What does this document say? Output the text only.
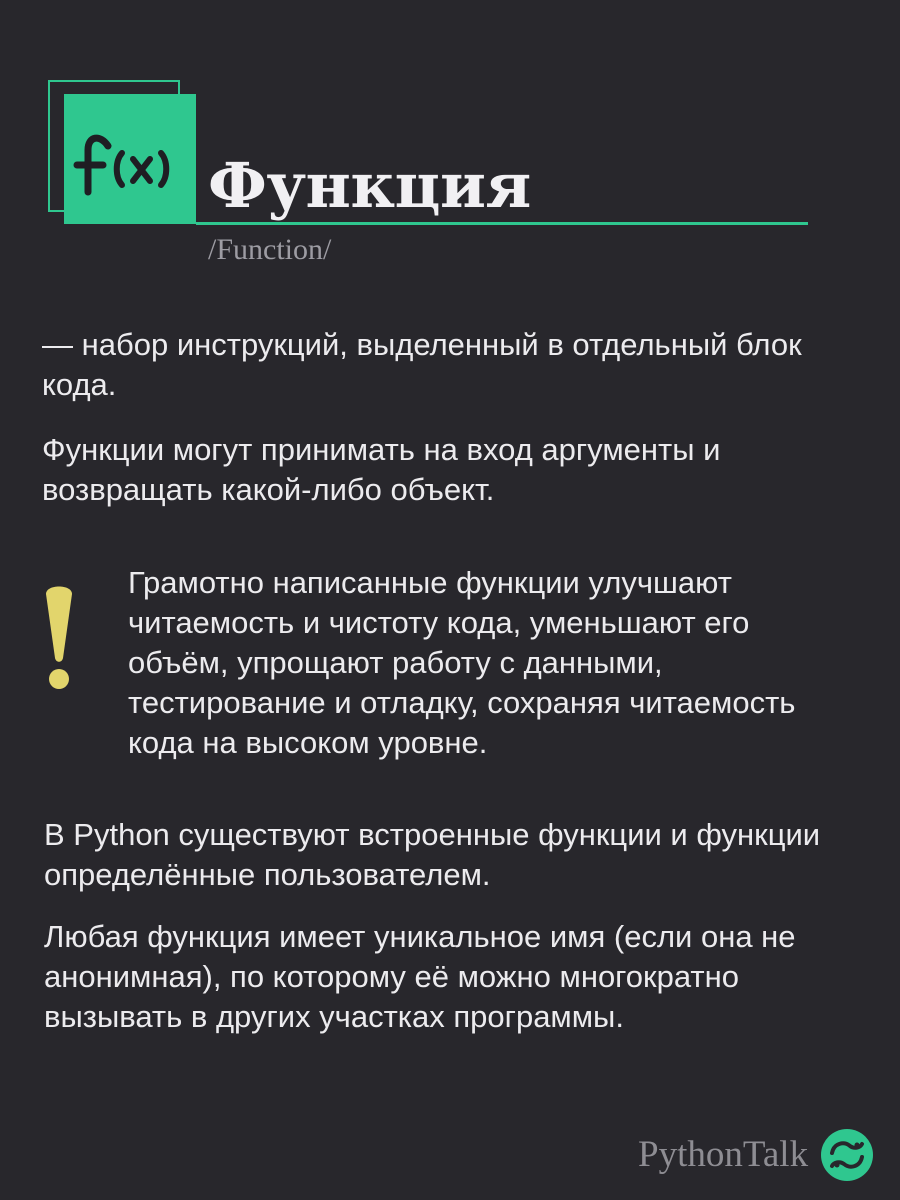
Функция
/Function/

— набор инструкций, выделенный в отдельный блок кода.

Функции могут принимать на вход аргументы и возвращать какой-либо объект.

Грамотно написанные функции улучшают читаемость и чистоту кода, уменьшают его объём, упрощают работу с данными, тестирование и отладку, сохраняя читаемость кода на высоком уровне.

В Python существуют встроенные функции и функции определённые пользователем.

Любая функция имеет уникальное имя (если она не анонимная), по которому её можно многократно вызывать в других участках программы.

PythonTalk
